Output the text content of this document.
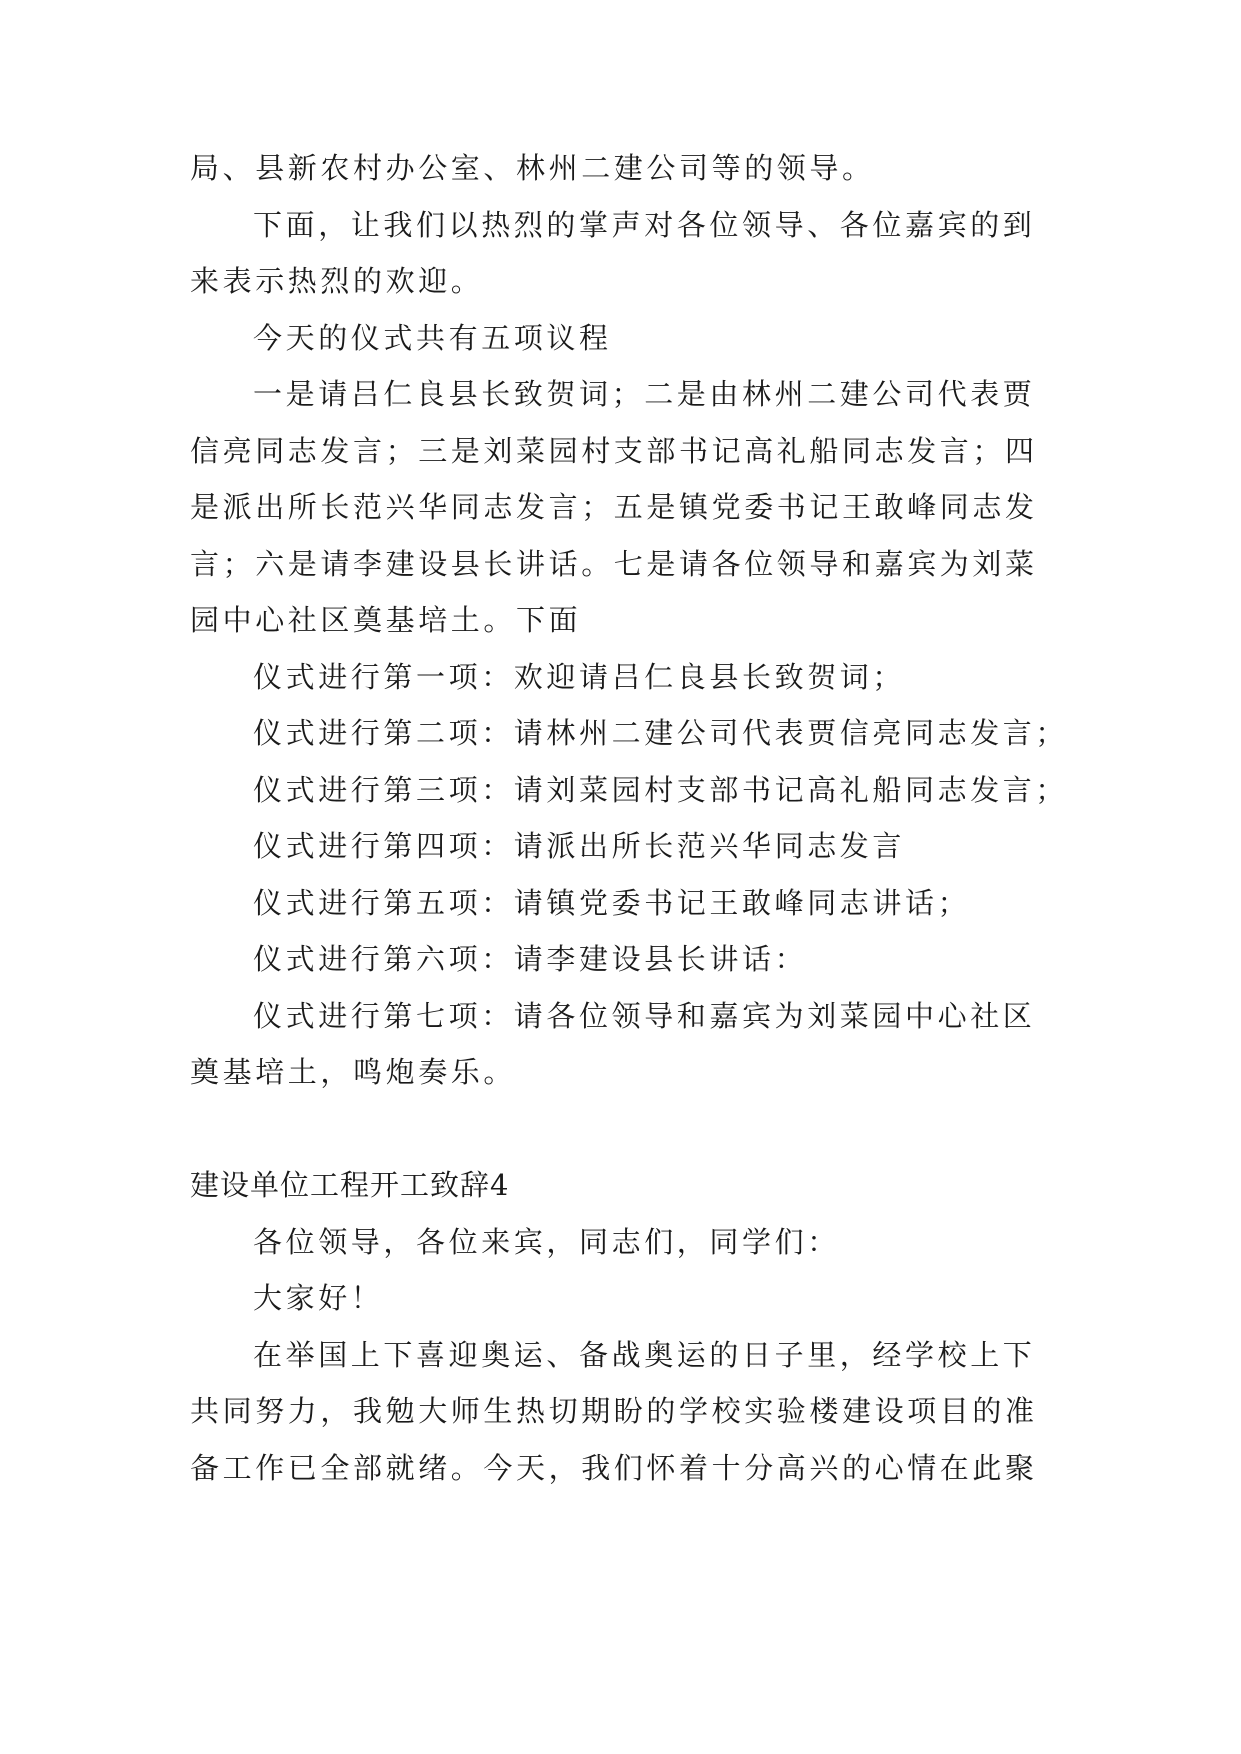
局、县新农村办公室、林州二建公司等的领导。
下面，让我们以热烈的掌声对各位领导、各位嘉宾的到
来表示热烈的欢迎。
今天的仪式共有五项议程
一是请吕仁良县长致贺词；二是由林州二建公司代表贾
信亮同志发言；三是刘菜园村支部书记高礼船同志发言；四
是派出所长范兴华同志发言；五是镇党委书记王敢峰同志发
言；六是请李建设县长讲话。七是请各位领导和嘉宾为刘菜
园中心社区奠基培土。下面
仪式进行第一项：欢迎请吕仁良县长致贺词；
仪式进行第二项：请林州二建公司代表贾信亮同志发言；
仪式进行第三项：请刘菜园村支部书记高礼船同志发言；
仪式进行第四项：请派出所长范兴华同志发言
仪式进行第五项：请镇党委书记王敢峰同志讲话；
仪式进行第六项：请李建设县长讲话：
仪式进行第七项：请各位领导和嘉宾为刘菜园中心社区
奠基培土，鸣炮奏乐。
建设单位工程开工致辞4
各位领导，各位来宾，同志们，同学们：
大家好！
在举国上下喜迎奥运、备战奥运的日子里，经学校上下
共同努力，我勉大师生热切期盼的学校实验楼建设项目的准
备工作已全部就绪。今天，我们怀着十分高兴的心情在此聚
